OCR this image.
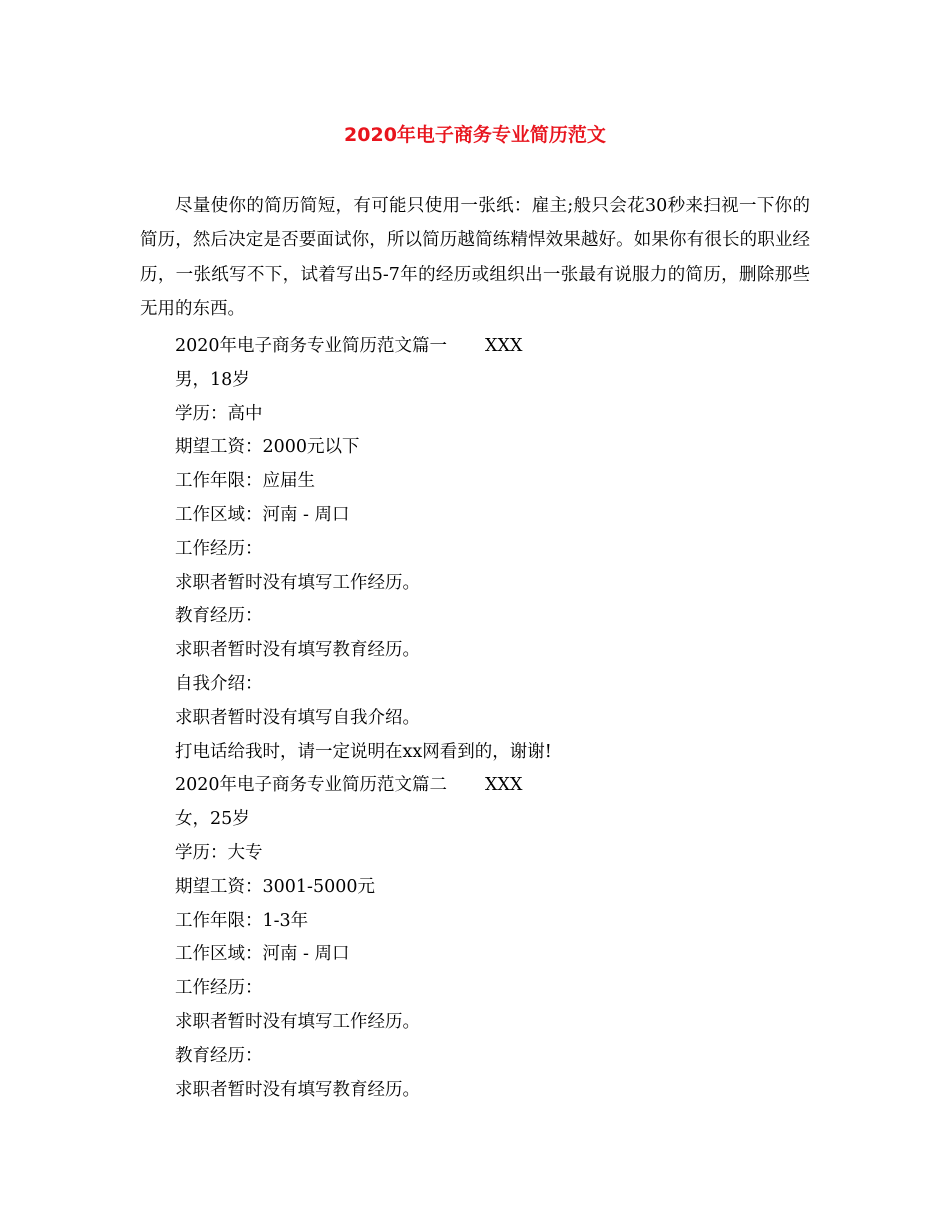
2020年电子商务专业简历范文

尽量使你的简历简短，有可能只使用一张纸：雇主;般只会花30秒来扫视一下你的简历，然后决定是否要面试你，所以简历越简练精悍效果越好。如果你有很长的职业经历，一张纸写不下，试着写出5-7年的经历或组织出一张最有说服力的简历，删除那些无用的东西。

2020年电子商务专业简历范文篇一 XXX
男，18岁
学历：高中
期望工资：2000元以下
工作年限：应届生
工作区域：河南 - 周口
工作经历：
求职者暂时没有填写工作经历。
教育经历：
求职者暂时没有填写教育经历。
自我介绍：
求职者暂时没有填写自我介绍。
打电话给我时，请一定说明在xx网看到的，谢谢!
2020年电子商务专业简历范文篇二 XXX
女，25岁
学历：大专
期望工资：3001-5000元
工作年限：1-3年
工作区域：河南 - 周口
工作经历：
求职者暂时没有填写工作经历。
教育经历：
求职者暂时没有填写教育经历。
